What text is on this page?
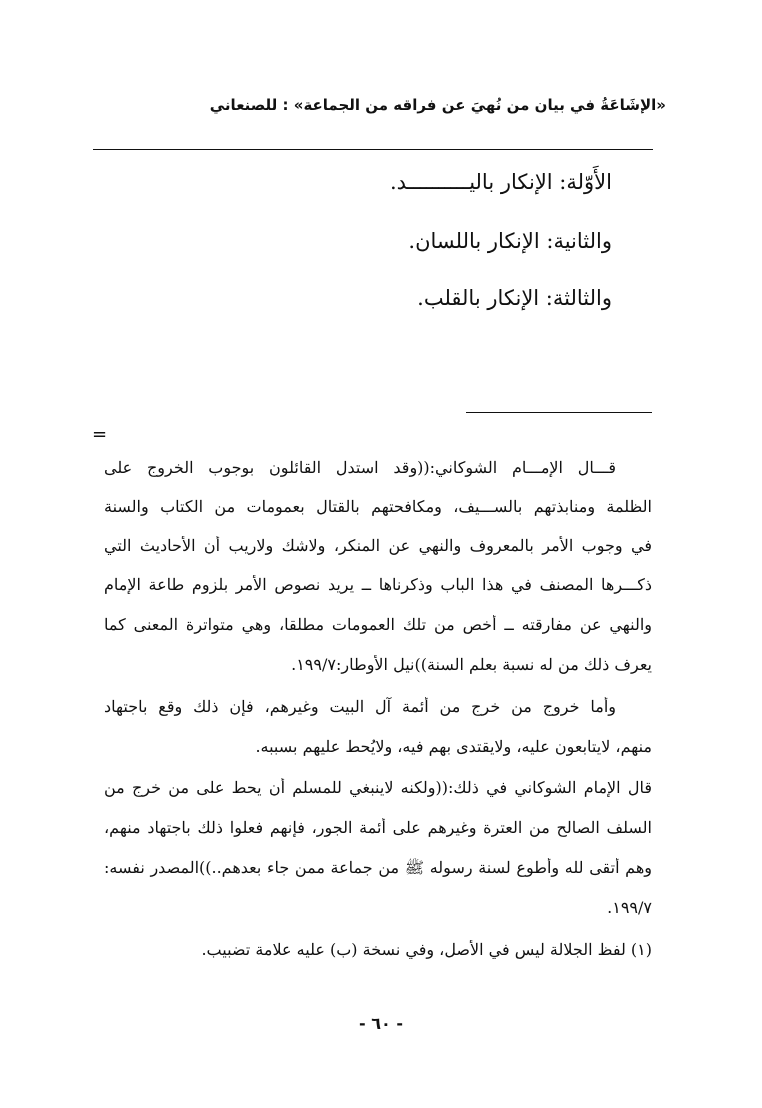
«الإشَاعَةُ في بيان من نُهيَ عن فراقه من الجماعة» : للصنعاني
الأَوّلة: الإنكار باليــــــــــد.
والثانية: الإنكار باللسان.
والثالثة: الإنكار بالقلب.
=
قـــال الإمـــام الشوكاني:((وقد استدل القائلون بوجوب الخروج على
الظلمة ومنابذتهم بالســـيف، ومكافحتهم بالقتال بعمومات من الكتاب والسنة
في وجوب الأمر بالمعروف والنهي عن المنكر، ولاشك ولاريب أن الأحاديث التي
ذكـــرها المصنف في هذا الباب وذكرناها ــ يريد نصوص الأمر بلزوم طاعة الإمام
والنهي عن مفارقته ــ أخص من تلك العمومات مطلقا، وهي متواترة المعنى كما
يعرف ذلك من له نسبة بعلم السنة))نيل الأوطار:١٩٩/٧.
وأما خروج من خرج من أئمة آل البيت وغيرهم، فإن ذلك وقع باجتهاد
منهم، لايتابعون عليه، ولايقتدى بهم فيه، ولايُحط عليهم بسببه.
قال الإمام الشوكاني في ذلك:((ولكنه لاينبغي للمسلم أن يحط على من خرج من
السلف الصالح من العترة وغيرهم على أئمة الجور، فإنهم فعلوا ذلك باجتهاد منهم،
وهم أتقى لله وأطوع لسنة رسوله ﷺ من جماعة ممن جاء بعدهم..))المصدر نفسه:
١٩٩/٧.
(١) لفظ الجلالة ليس في الأصل، وفي نسخة (ب) عليه علامة تضبيب.
- ٦٠ -
